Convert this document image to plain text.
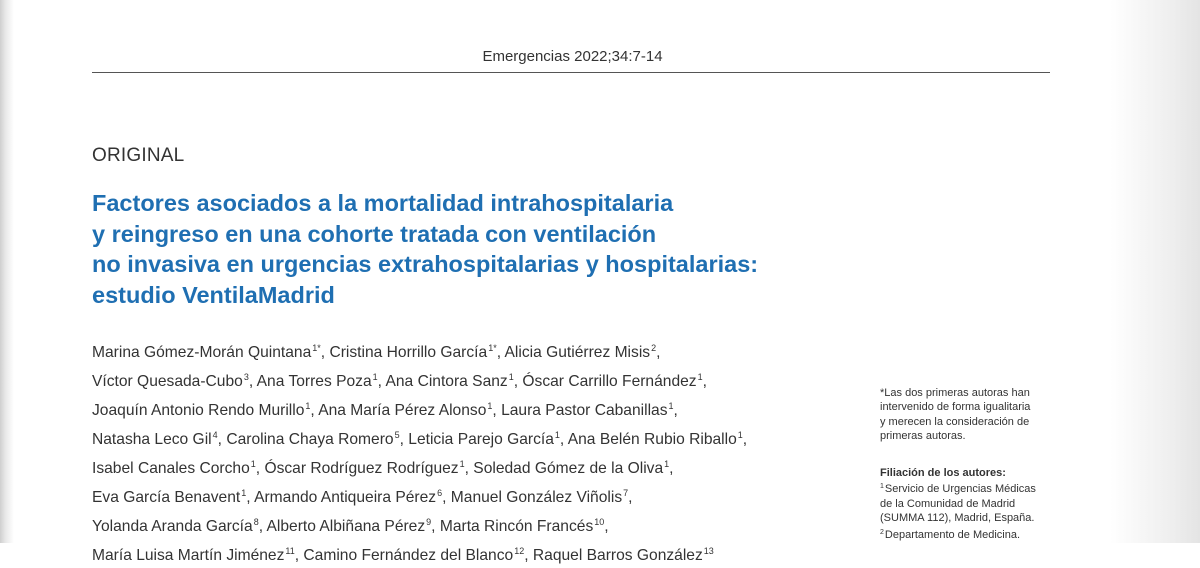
Emergencias 2022;34:7-14
ORIGINAL
Factores asociados a la mortalidad intrahospitalaria
y reingreso en una cohorte tratada con ventilación
no invasiva en urgencias extrahospitalarias y hospitalarias:
estudio VentilaMadrid
Marina Gómez-Morán Quintana$^{1*}$, Cristina Horrillo García$^{1*}$, Alicia Gutiérrez Misis$^2$,
Víctor Quesada-Cubo$^3$, Ana Torres Poza$^1$, Ana Cintora Sanz$^1$, Óscar Carrillo Fernández$^1$,
Joaquín Antonio Rendo Murillo$^1$, Ana María Pérez Alonso$^1$, Laura Pastor Cabanillas$^1$,
Natasha Leco Gil$^4$, Carolina Chaya Romero$^5$, Leticia Parejo García$^1$, Ana Belén Rubio Riballo$^1$,
Isabel Canales Corcho$^1$, Óscar Rodríguez Rodríguez$^1$, Soledad Gómez de la Oliva$^1$,
Eva García Benavent$^1$, Armando Antiqueira Pérez$^6$, Manuel González Viñolis$^7$,
Yolanda Aranda García$^8$, Alberto Albiñana Pérez$^9$, Marta Rincón Francés$^{10}$,
María Luisa Martín Jiménez$^{11}$, Camino Fernández del Blanco$^{12}$, Raquel Barros González$^{13}$
*Las dos primeras autoras han
intervenido de forma igualitaria
y merecen la consideración de
primeras autoras.
Filiación de los autores:
$^1$Servicio de Urgencias Médicas
de la Comunidad de Madrid
(SUMMA 112), Madrid, España.
$^2$Departamento de Medicina.
